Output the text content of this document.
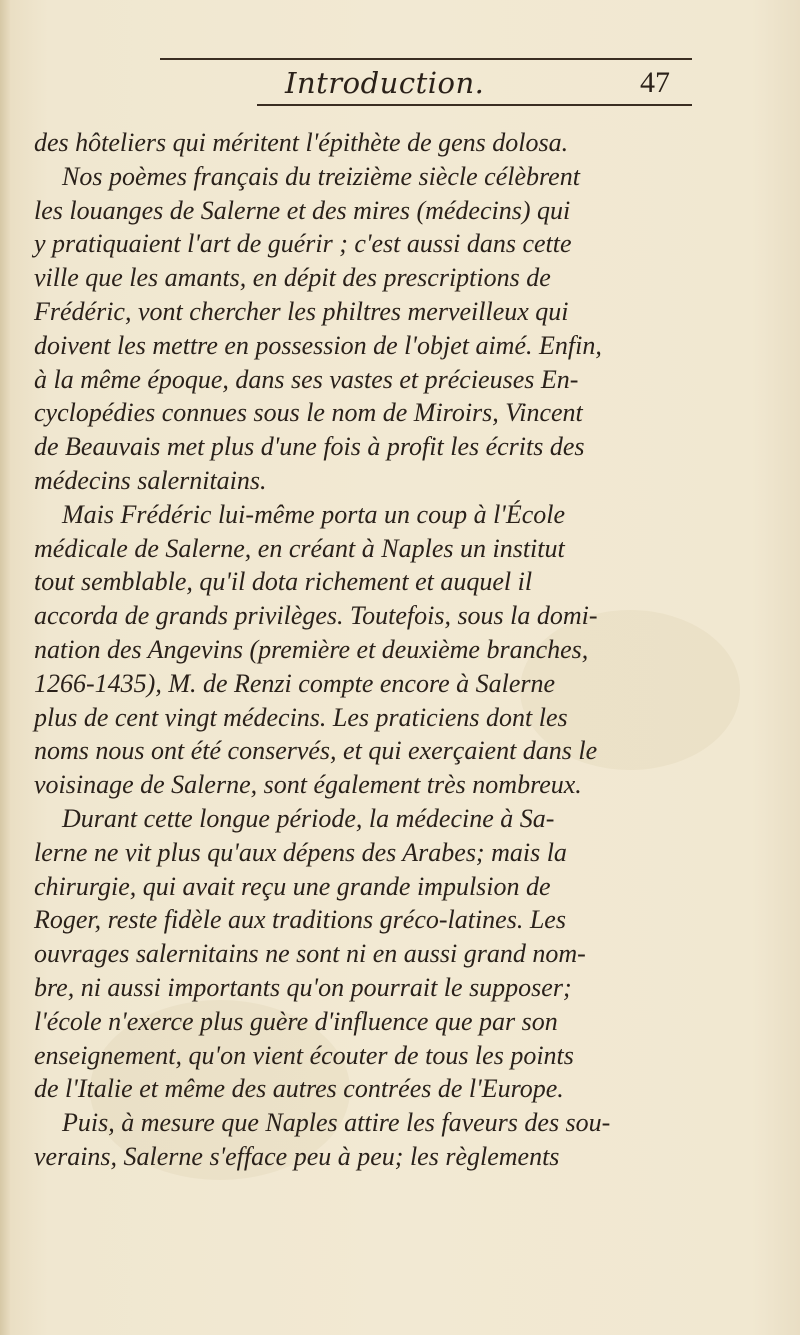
Introduction.	47
des hôteliers qui méritent l'épithète de gens dolosa.
Nos poèmes français du treizième siècle célèbrent
les louanges de Salerne et des mires (médecins) qui
y pratiquaient l'art de guérir ; c'est aussi dans cette
ville que les amants, en dépit des prescriptions de
Frédéric, vont chercher les philtres merveilleux qui
doivent les mettre en possession de l'objet aimé. Enfin,
à la même époque, dans ses vastes et précieuses En-
cyclopédies connues sous le nom de Miroirs, Vincent
de Beauvais met plus d'une fois à profit les écrits des
médecins salernitains.
Mais Frédéric lui-même porta un coup à l'École
médicale de Salerne, en créant à Naples un institut
tout semblable, qu'il dota richement et auquel il
accorda de grands privilèges. Toutefois, sous la domi-
nation des Angevins (première et deuxième branches,
1266-1435), M. de Renzi compte encore à Salerne
plus de cent vingt médecins. Les praticiens dont les
noms nous ont été conservés, et qui exerçaient dans le
voisinage de Salerne, sont également très nombreux.
Durant cette longue période, la médecine à Sa-
lerne ne vit plus qu'aux dépens des Arabes; mais la
chirurgie, qui avait reçu une grande impulsion de
Roger, reste fidèle aux traditions gréco-latines. Les
ouvrages salernitains ne sont ni en aussi grand nom-
bre, ni aussi importants qu'on pourrait le supposer;
l'école n'exerce plus guère d'influence que par son
enseignement, qu'on vient écouter de tous les points
de l'Italie et même des autres contrées de l'Europe.
Puis, à mesure que Naples attire les faveurs des sou-
verains, Salerne s'efface peu à peu; les règlements
